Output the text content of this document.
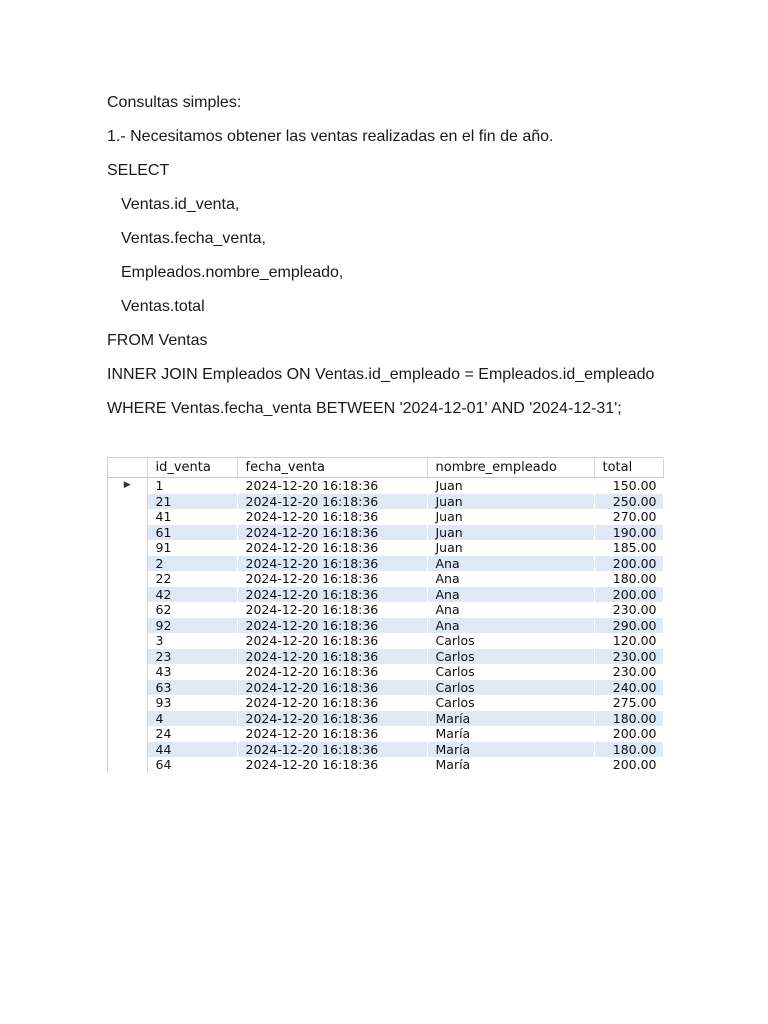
Consultas simples:

1.- Necesitamos obtener las ventas realizadas en el fin de año.

SELECT

Ventas.id_venta,

Ventas.fecha_venta,

Empleados.nombre_empleado,

Ventas.total

FROM Ventas

INNER JOIN Empleados ON Ventas.id_empleado = Empleados.id_empleado

WHERE Ventas.fecha_venta BETWEEN '2024-12-01' AND '2024-12-31';

	id_venta	fecha_venta	nombre_empleado	total
▶	1	2024-12-20 16:18:36	Juan	150.00
	21	2024-12-20 16:18:36	Juan	250.00
	41	2024-12-20 16:18:36	Juan	270.00
	61	2024-12-20 16:18:36	Juan	190.00
	91	2024-12-20 16:18:36	Juan	185.00
	2	2024-12-20 16:18:36	Ana	200.00
	22	2024-12-20 16:18:36	Ana	180.00
	42	2024-12-20 16:18:36	Ana	200.00
	62	2024-12-20 16:18:36	Ana	230.00
	92	2024-12-20 16:18:36	Ana	290.00
	3	2024-12-20 16:18:36	Carlos	120.00
	23	2024-12-20 16:18:36	Carlos	230.00
	43	2024-12-20 16:18:36	Carlos	230.00
	63	2024-12-20 16:18:36	Carlos	240.00
	93	2024-12-20 16:18:36	Carlos	275.00
	4	2024-12-20 16:18:36	María	180.00
	24	2024-12-20 16:18:36	María	200.00
	44	2024-12-20 16:18:36	María	180.00
	64	2024-12-20 16:18:36	María	200.00
